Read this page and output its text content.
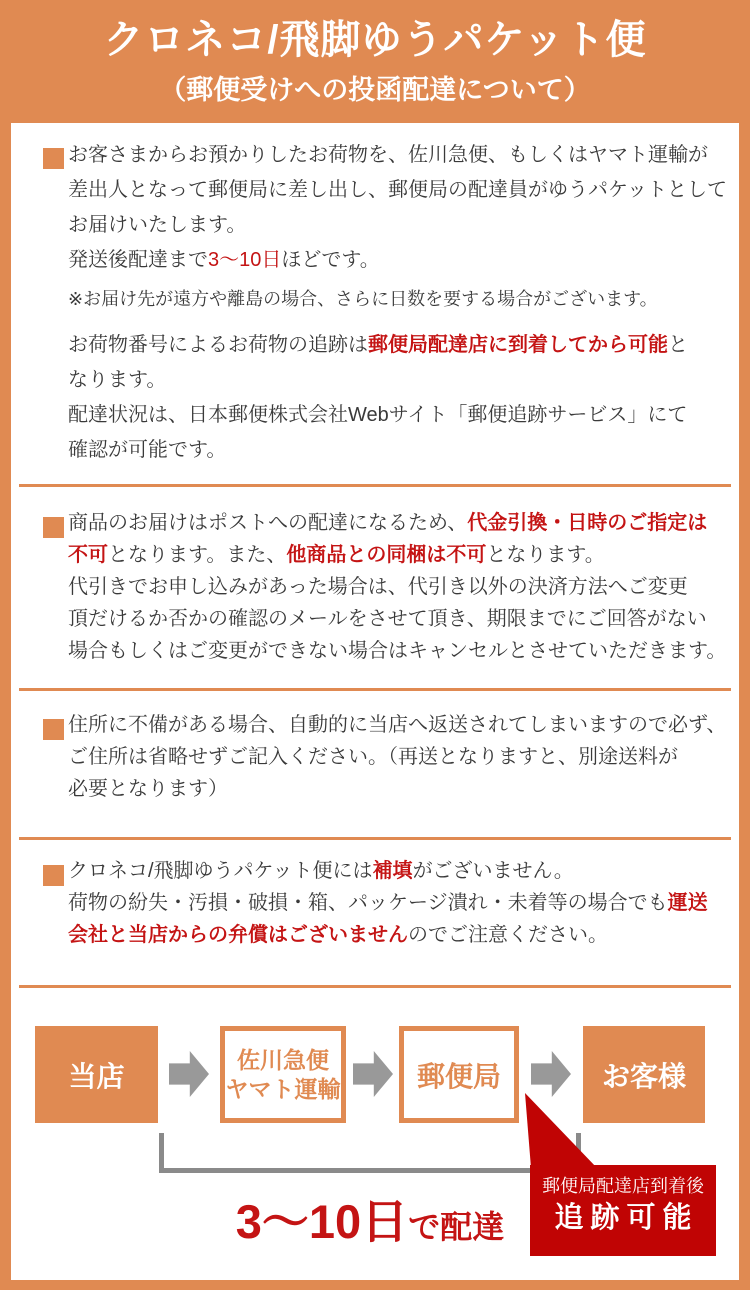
クロネコ/飛脚ゆうパケット便
（郵便受けへの投函配達について）
お客さまからお預かりしたお荷物を、佐川急便、もしくはヤマト運輸が
差出人となって郵便局に差し出し、郵便局の配達員がゆうパケットとして
お届けいたします。
発送後配達まで3〜10日ほどです。
※お届け先が遠方や離島の場合、さらに日数を要する場合がございます。
お荷物番号によるお荷物の追跡は郵便局配達店に到着してから可能と
なります。
配達状況は、日本郵便株式会社Webサイト「郵便追跡サービス」にて
確認が可能です。
商品のお届けはポストへの配達になるため、代金引換・日時のご指定は
不可となります。また、他商品との同梱は不可となります。
代引きでお申し込みがあった場合は、代引き以外の決済方法へご変更
頂だけるか否かの確認のメールをさせて頂き、期限までにご回答がない
場合もしくはご変更ができない場合はキャンセルとさせていただきます。
住所に不備がある場合、自動的に当店へ返送されてしまいますので必ず、
ご住所は省略せずご記入ください。（再送となりますと、別途送料が
必要となります）
クロネコ/飛脚ゆうパケット便には補填がございません。
荷物の紛失・汚損・破損・箱、パッケージ潰れ・未着等の場合でも運送
会社と当店からの弁償はございませんのでご注意ください。
当店
佐川急便
ヤマト運輸	郵便局	お客様
3〜10日 で配達
郵便局配達店到着後
追跡可能
